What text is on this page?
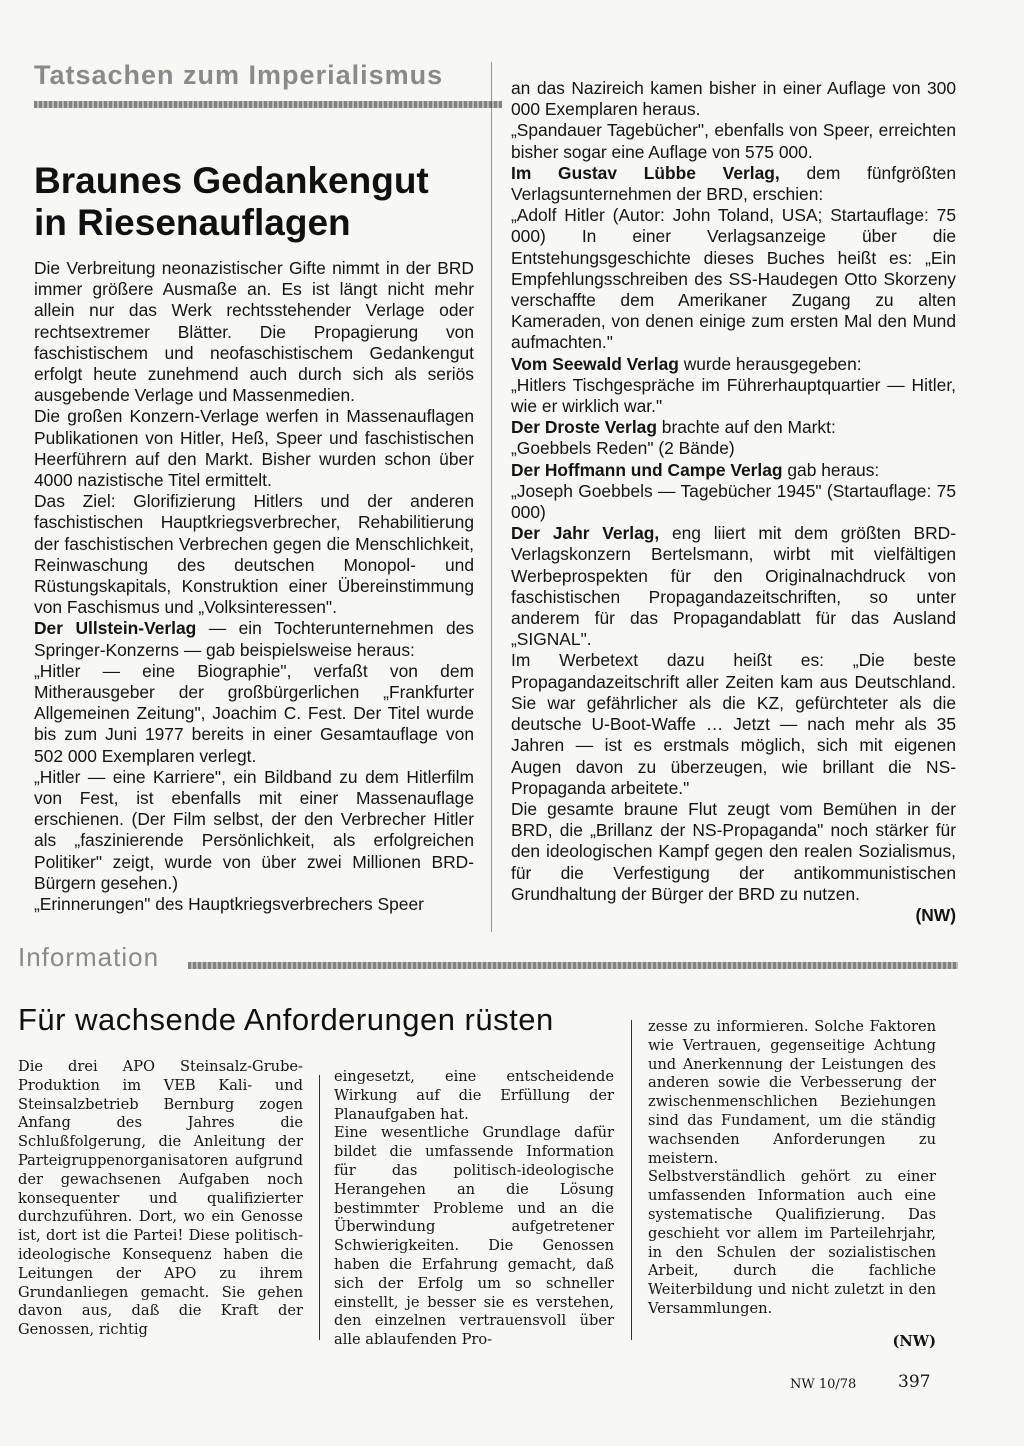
Tatsachen zum Imperialismus
Braunes Gedankengut
in Riesenauflagen

Die Verbreitung neonazistischer Gifte nimmt in der BRD immer größere Ausmaße an. Es ist längt nicht mehr allein nur das Werk rechtsstehender Verlage oder rechtsextremer Blätter. Die Propagierung von faschistischem und neofaschistischem Gedankengut erfolgt heute zunehmend auch durch sich als seriös ausgebende Verlage und Massenmedien.

Die großen Konzern-Verlage werfen in Massenauflagen Publikationen von Hitler, Heß, Speer und faschistischen Heerführern auf den Markt. Bisher wurden schon über 4000 nazistische Titel ermittelt.

Das Ziel: Glorifizierung Hitlers und der anderen faschistischen Hauptkriegsverbrecher, Rehabilitierung der faschistischen Verbrechen gegen die Menschlichkeit, Reinwaschung des deutschen Monopol- und Rüstungskapitals, Konstruktion einer Übereinstimmung von Faschismus und „Volksinteressen".

Der Ullstein-Verlag — ein Tochterunternehmen des Springer-Konzerns — gab beispielsweise heraus:

„Hitler — eine Biographie", verfaßt von dem Mitherausgeber der großbürgerlichen „Frankfurter Allgemeinen Zeitung", Joachim C. Fest. Der Titel wurde bis zum Juni 1977 bereits in einer Gesamtauflage von 502 000 Exemplaren verlegt.

„Hitler — eine Karriere", ein Bildband zu dem Hitlerfilm von Fest, ist ebenfalls mit einer Massenauflage erschienen. (Der Film selbst, der den Verbrecher Hitler als „faszinierende Persönlichkeit, als erfolgreichen Politiker" zeigt, wurde von über zwei Millionen BRD-Bürgern gesehen.)

„Erinnerungen" des Hauptkriegsverbrechers Speer

an das Nazireich kamen bisher in einer Auflage von 300 000 Exemplaren heraus.

„Spandauer Tagebücher", ebenfalls von Speer, erreichten bisher sogar eine Auflage von 575 000.

Im Gustav Lübbe Verlag, dem fünfgrößten Verlagsunternehmen der BRD, erschien:

„Adolf Hitler (Autor: John Toland, USA; Startauflage: 75 000) In einer Verlagsanzeige über die Entstehungsgeschichte dieses Buches heißt es: „Ein Empfehlungsschreiben des SS-Haudegen Otto Skorzeny verschaffte dem Amerikaner Zugang zu alten Kameraden, von denen einige zum ersten Mal den Mund aufmachten."

Vom Seewald Verlag wurde herausgegeben:

„Hitlers Tischgespräche im Führerhauptquartier — Hitler, wie er wirklich war."

Der Droste Verlag brachte auf den Markt:

„Goebbels Reden" (2 Bände)

Der Hoffmann und Campe Verlag gab heraus:

„Joseph Goebbels — Tagebücher 1945" (Startauflage: 75 000)

Der Jahr Verlag, eng liiert mit dem größten BRD-Verlagskonzern Bertelsmann, wirbt mit vielfältigen Werbeprospekten für den Originalnachdruck von faschistischen Propagandazeitschriften, so unter anderem für das Propagandablatt für das Ausland „SIGNAL".

Im Werbetext dazu heißt es: „Die beste Propagandazeitschrift aller Zeiten kam aus Deutschland. Sie war gefährlicher als die KZ, gefürchteter als die deutsche U-Boot-Waffe … Jetzt — nach mehr als 35 Jahren — ist es erstmals möglich, sich mit eigenen Augen davon zu überzeugen, wie brillant die NS-Propaganda arbeitete."

Die gesamte braune Flut zeugt vom Bemühen in der BRD, die „Brillanz der NS-Propaganda" noch stärker für den ideologischen Kampf gegen den realen Sozialismus, für die Verfestigung der antikommunistischen Grundhaltung der Bürger der BRD zu nutzen.

(NW)

Information
Für wachsende Anforderungen rüsten

Die drei APO Steinsalz-Grube-Produktion im VEB Kali- und Steinsalzbetrieb Bernburg zogen Anfang des Jahres die Schlußfolgerung, die Anleitung der Parteigruppenorganisatoren aufgrund der gewachsenen Aufgaben noch konsequenter und qualifizierter durchzuführen. Dort, wo ein Genosse ist, dort ist die Partei! Diese politisch-ideologische Konsequenz haben die Leitungen der APO zu ihrem Grundanliegen gemacht. Sie gehen davon aus, daß die Kraft der Genossen, richtig

eingesetzt, eine entscheidende Wirkung auf die Erfüllung der Planaufgaben hat.

Eine wesentliche Grundlage dafür bildet die umfassende Information für das politisch-ideologische Herangehen an die Lösung bestimmter Probleme und an die Überwindung aufgetretener Schwierigkeiten. Die Genossen haben die Erfahrung gemacht, daß sich der Erfolg um so schneller einstellt, je besser sie es verstehen, den einzelnen vertrauensvoll über alle ablaufenden Pro-

zesse zu informieren. Solche Faktoren wie Vertrauen, gegenseitige Achtung und Anerkennung der Leistungen des anderen sowie die Verbesserung der zwischenmenschlichen Beziehungen sind das Fundament, um die ständig wachsenden Anforderungen zu meistern.

Selbstverständlich gehört zu einer umfassenden Information auch eine systematische Qualifizierung. Das geschieht vor allem im Parteilehrjahr, in den Schulen der sozialistischen Arbeit, durch die fachliche Weiterbildung und nicht zuletzt in den Versammlungen.

(NW)

NW 10/78 397
